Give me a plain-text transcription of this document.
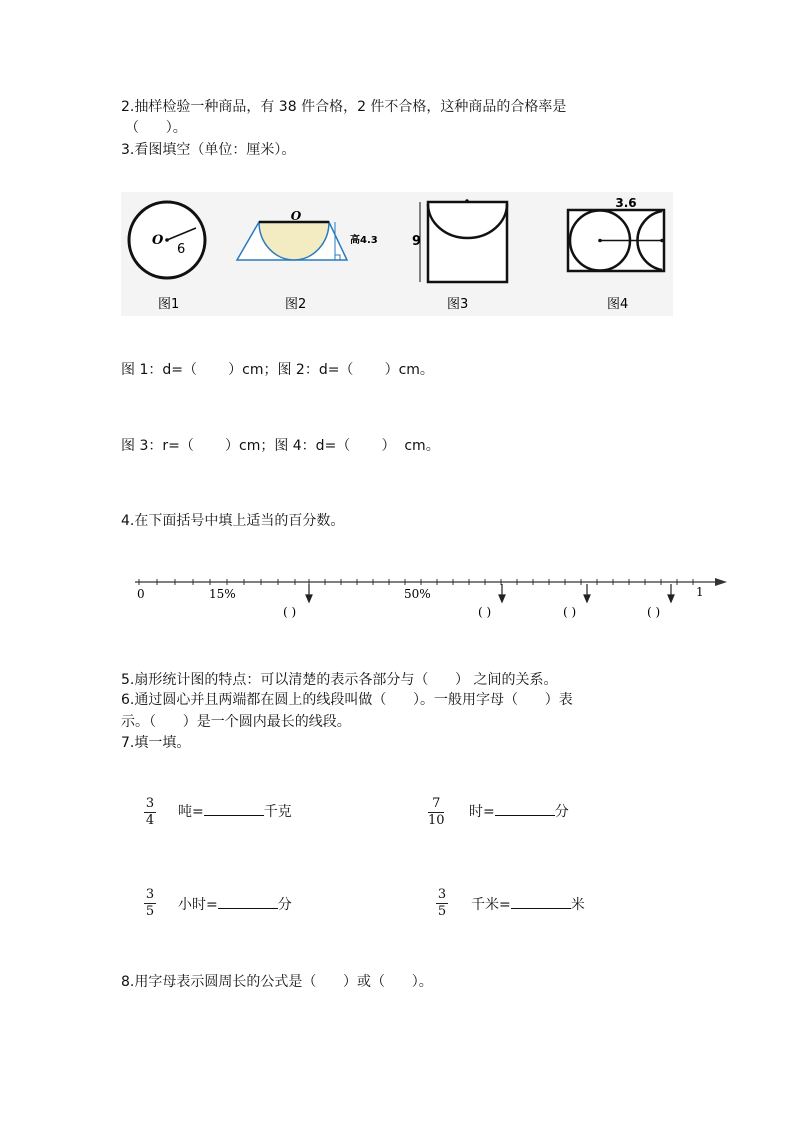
2.抽样检验一种商品，有 38 件合格，2 件不合格，这种商品的合格率是
（      ）。
3.看图填空（单位：厘米）。
O
6
图1
O
高4.3
图2
9
图3
3.6
图4
图 1：d=（       ）cm；图 2：d=（       ）cm。
图 3：r=（       ）cm；图 4：d=（       ）  cm。
4.在下面括号中填上适当的百分数。
0	15%	50%	1
( )	( )	( )	( )
5.扇形统计图的特点：可以清楚的表示各部分与（      ） 之间的关系。
6.通过圆心并且两端都在圆上的线段叫做（      ）。一般用字母（      ）表
示。（      ）是一个圆内最长的线段。
7.填一填。
3
4
吨=	千克
7
10
时=	分
3
5 小时=	分
3
5 千米=	米
8.用字母表示圆周长的公式是（      ）或（      ）。
